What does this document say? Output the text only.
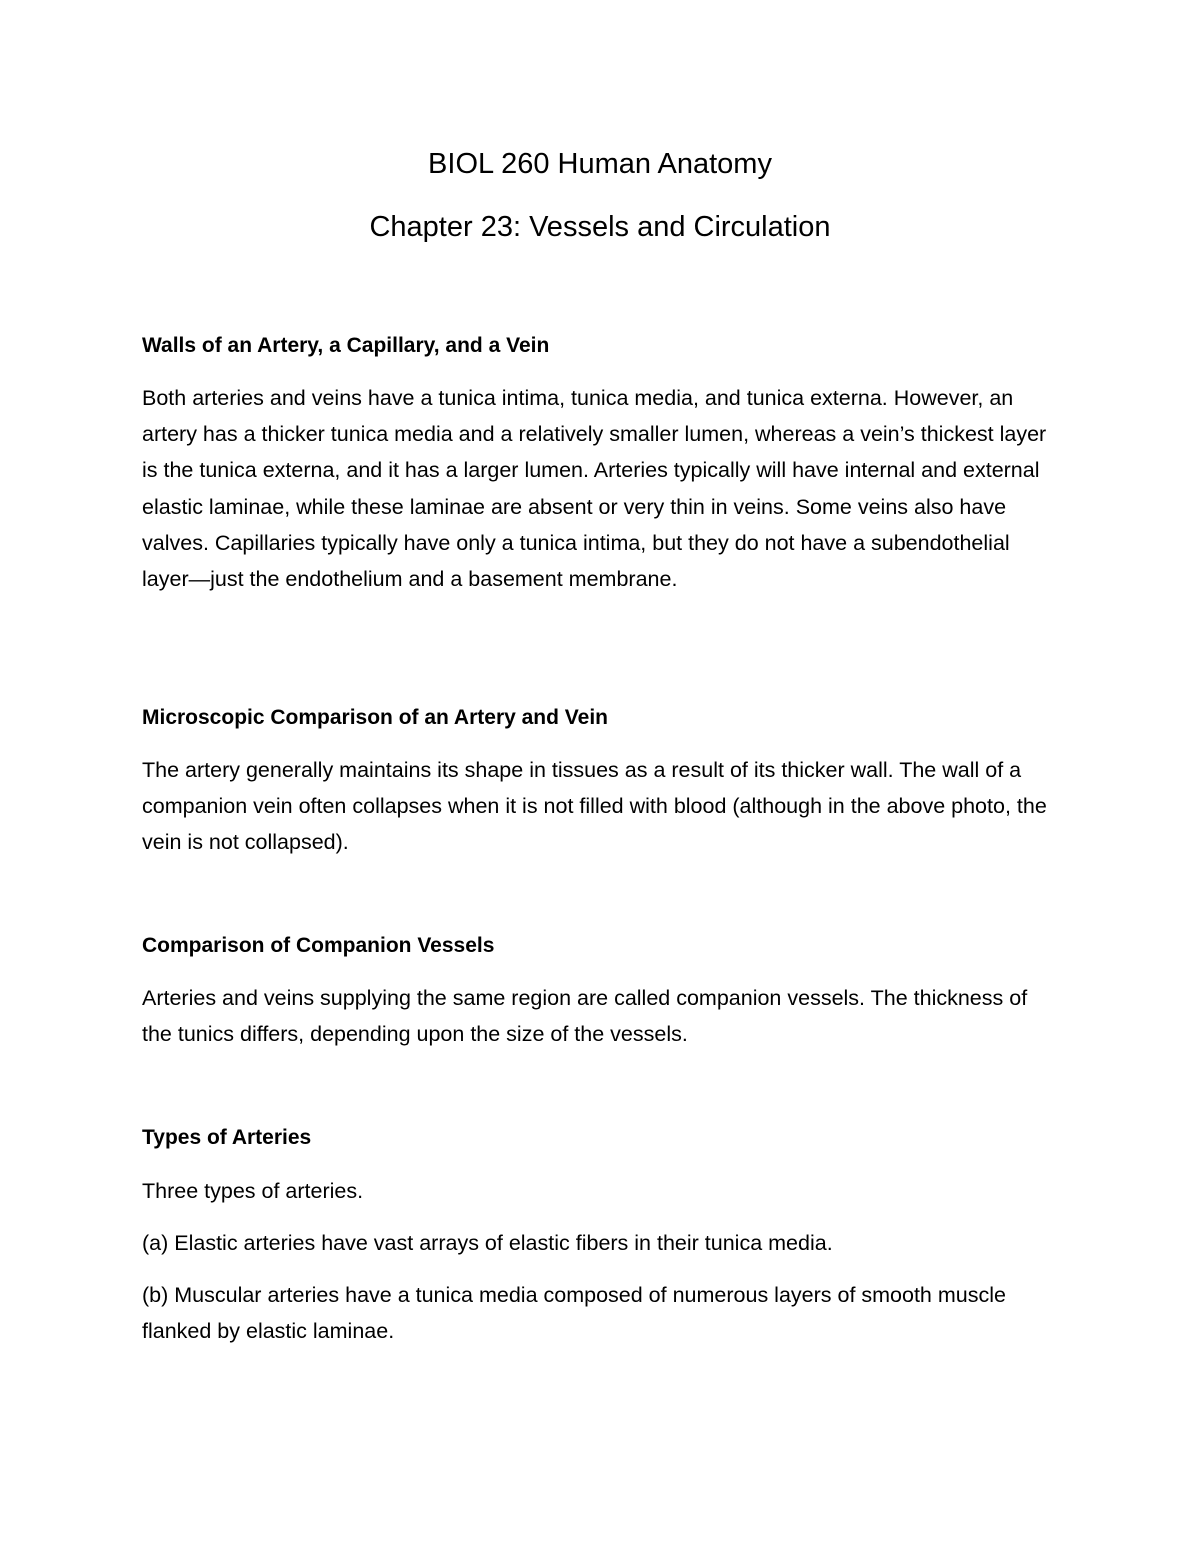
BIOL 260 Human Anatomy
Chapter 23: Vessels and Circulation
Walls of an Artery, a Capillary, and a Vein

Both arteries and veins have a tunica intima, tunica media, and tunica externa. However, an artery has a thicker tunica media and a relatively smaller lumen, whereas a vein’s thickest layer is the tunica externa, and it has a larger lumen. Arteries typically will have internal and external elastic laminae, while these laminae are absent or very thin in veins. Some veins also have valves. Capillaries typically have only a tunica intima, but they do not have a subendothelial layer—just the endothelium and a basement membrane.

Microscopic Comparison of an Artery and Vein

The artery generally maintains its shape in tissues as a result of its thicker wall. The wall of a companion vein often collapses when it is not filled with blood (although in the above photo, the vein is not collapsed).

Comparison of Companion Vessels

Arteries and veins supplying the same region are called companion vessels. The thickness of the tunics differs, depending upon the size of the vessels.

Types of Arteries

Three types of arteries.

(a) Elastic arteries have vast arrays of elastic fibers in their tunica media.

(b) Muscular arteries have a tunica media composed of numerous layers of smooth muscle flanked by elastic laminae.
